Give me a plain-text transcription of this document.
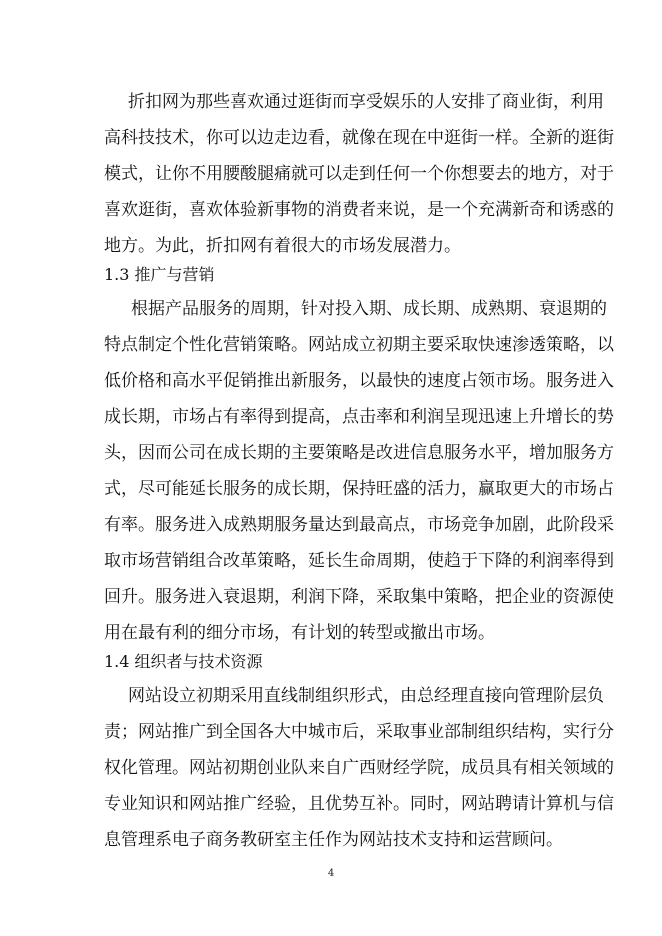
折扣网为那些喜欢通过逛街而享受娱乐的人安排了商业街，利用
高科技技术，你可以边走边看，就像在现在中逛街一样。全新的逛街
模式，让你不用腰酸腿痛就可以走到任何一个你想要去的地方，对于
喜欢逛街，喜欢体验新事物的消费者来说，是一个充满新奇和诱惑的
地方。为此，折扣网有着很大的市场发展潜力。
1.3 推广与营销
根据产品服务的周期，针对投入期、成长期、成熟期、衰退期的
特点制定个性化营销策略。网站成立初期主要采取快速渗透策略，以
低价格和高水平促销推出新服务，以最快的速度占领市场。服务进入
成长期，市场占有率得到提高，点击率和利润呈现迅速上升增长的势
头，因而公司在成长期的主要策略是改进信息服务水平，增加服务方
式，尽可能延长服务的成长期，保持旺盛的活力，赢取更大的市场占
有率。服务进入成熟期服务量达到最高点，市场竞争加剧，此阶段采
取市场营销组合改革策略，延长生命周期，使趋于下降的利润率得到
回升。服务进入衰退期，利润下降，采取集中策略，把企业的资源使
用在最有利的细分市场，有计划的转型或撤出市场。
1.4 组织者与技术资源
网站设立初期采用直线制组织形式，由总经理直接向管理阶层负
责；网站推广到全国各大中城市后，采取事业部制组织结构，实行分
权化管理。网站初期创业队来自广西财经学院，成员具有相关领域的
专业知识和网站推广经验，且优势互补。同时，网站聘请计算机与信
息管理系电子商务教研室主任作为网站技术支持和运营顾问。
4
